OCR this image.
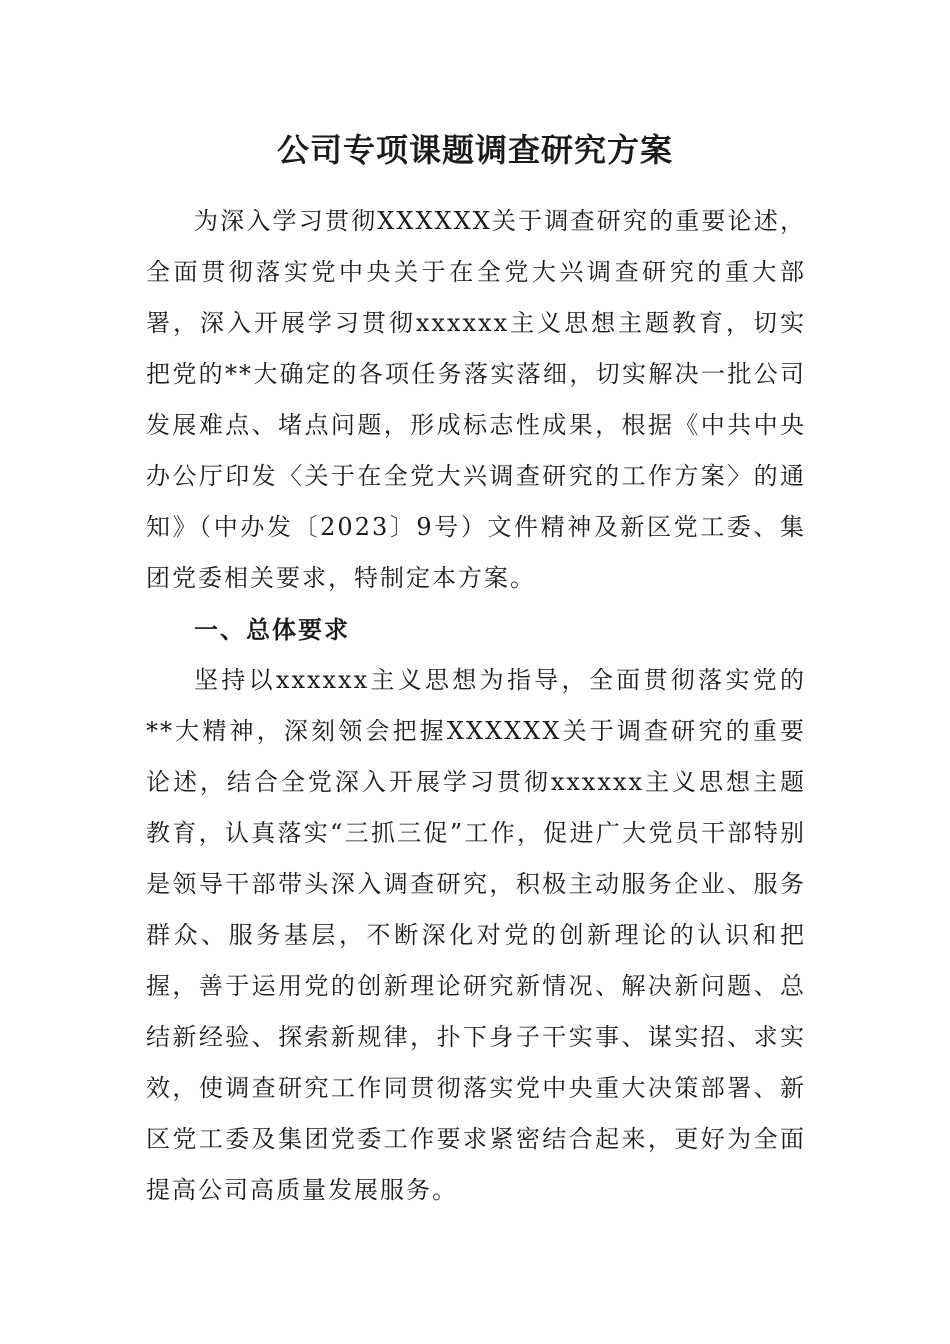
公司专项课题调查研究方案

为深入学习贯彻XXXXXX关于调查研究的重要论述，全面贯彻落实党中央关于在全党大兴调查研究的重大部署，深入开展学习贯彻xxxxxx主义思想主题教育，切实把党的**大确定的各项任务落实落细，切实解决一批公司发展难点、堵点问题，形成标志性成果，根据《中共中央办公厅印发〈关于在全党大兴调查研究的工作方案〉的通知》（中办发〔2023〕9号）文件精神及新区党工委、集团党委相关要求，特制定本方案。

一、总体要求

坚持以xxxxxx主义思想为指导，全面贯彻落实党的**大精神，深刻领会把握XXXXXX关于调查研究的重要论述，结合全党深入开展学习贯彻xxxxxx主义思想主题教育，认真落实“三抓三促”工作，促进广大党员干部特别是领导干部带头深入调查研究，积极主动服务企业、服务群众、服务基层，不断深化对党的创新理论的认识和把握，善于运用党的创新理论研究新情况、解决新问题、总结新经验、探索新规律，扑下身子干实事、谋实招、求实效，使调查研究工作同贯彻落实党中央重大决策部署、新区党工委及集团党委工作要求紧密结合起来，更好为全面提高公司高质量发展服务。
